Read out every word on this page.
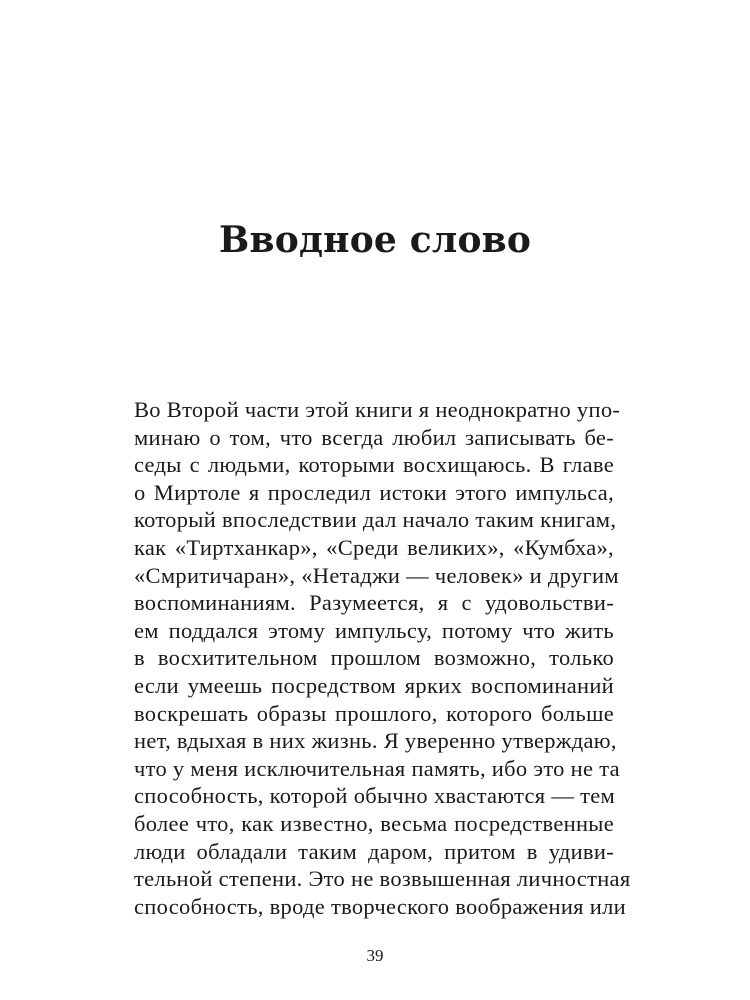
Вводное слово
Во Второй части этой книги я неоднократно упо-
минаю о том, что всегда любил записывать бе-
седы с людьми, которыми восхищаюсь. В главе
о Миртоле я проследил истоки этого импульса,
который впоследствии дал начало таким книгам,
как «Тиртханкар», «Среди великих», «Кумбха»,
«Смритичаран», «Нетаджи — человек» и другим
воспоминаниям. Разумеется, я с удовольстви-
ем поддался этому импульсу, потому что жить
в восхитительном прошлом возможно, только
если умеешь посредством ярких воспоминаний
воскрешать образы прошлого, которого больше
нет, вдыхая в них жизнь. Я уверенно утверждаю,
что у меня исключительная память, ибо это не та
способность, которой обычно хвастаются — тем
более что, как известно, весьма посредственные
люди обладали таким даром, притом в удиви-
тельной степени. Это не возвышенная личностная
способность, вроде творческого воображения или
39
